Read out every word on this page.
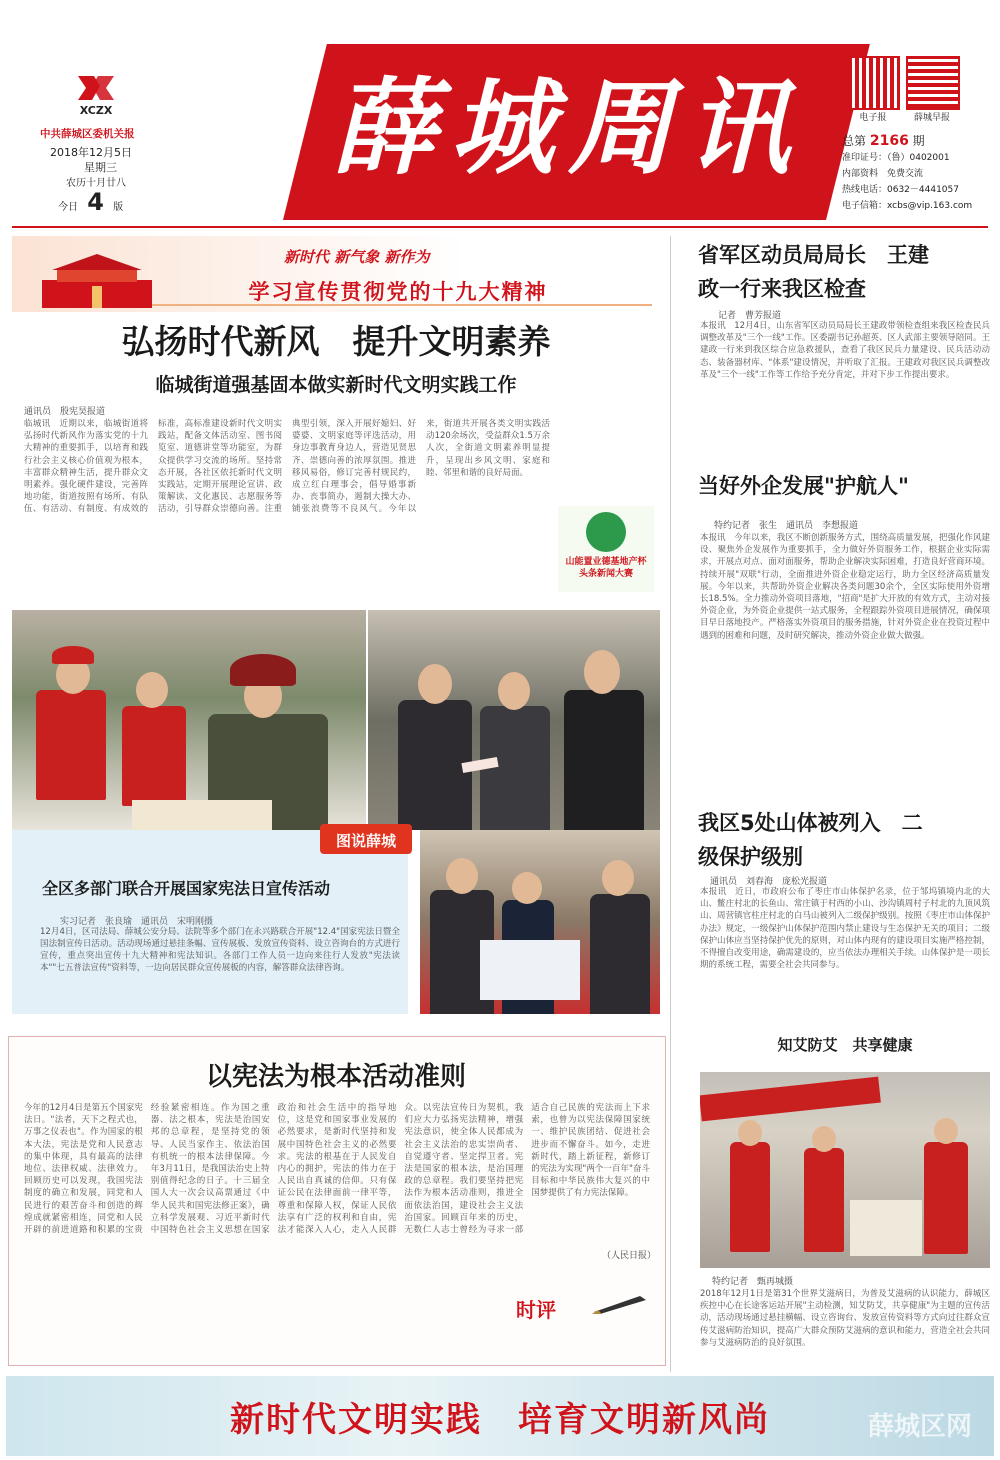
XCZX
中共薛城区委机关报
2018年12月5日
星期三
农历十月廿八
今日 4 版
薛城周讯	电子报	薛城早报
总第 2166 期
准印证号：（鲁）0402001
内部资料　免费交流
热线电话：0632－4441057
电子信箱：xcbs@vip.163.com
新时代 新气象 新作为
学习宣传贯彻党的十九大精神
弘扬时代新风　提升文明素养
临城街道强基固本做实新时代文明实践工作
通讯员　殷宪昊报道
临城讯　近期以来，临城街道将弘扬时代新风作为落实党的十九大精神的重要抓手，以培育和践行社会主义核心价值观为根本，丰富群众精神生活，提升群众文明素养。强化硬件建设，完善阵地功能，街道按照有场所、有队伍、有活动、有制度、有成效的标准，高标准建设新时代文明实践站，配备文体活动室、图书阅览室、道德讲堂等功能室，为群众提供学习交流的场所。坚持常态开展，各社区依托新时代文明实践站，定期开展理论宣讲、政策解读、文化惠民、志愿服务等活动，引导群众崇德向善。注重典型引领，深入开展好媳妇、好婆婆、文明家庭等评选活动，用身边事教育身边人，营造见贤思齐、崇德向善的浓厚氛围。推进移风易俗，修订完善村规民约，成立红白理事会，倡导婚事新办、丧事简办，遏制大操大办、铺张浪费等不良风气。今年以来，街道共开展各类文明实践活动120余场次，受益群众1.5万余人次，全街道文明素养明显提升，呈现出乡风文明、家庭和睦、邻里和谐的良好局面。
山能置业德基地产杯　头条新闻大赛
图说薛城
全区多部门联合开展国家宪法日宣传活动
实习记者　张良瑜　通讯员　宋明刚摄
12月4日，区司法局、薛城公安分局、法院等多个部门在永兴路联合开展"12.4"国家宪法日暨全国法制宣传日活动。活动现场通过悬挂条幅、宣传展板、发放宣传资料、设立咨询台的方式进行宣传，重点突出宣传十九大精神和宪法知识。各部门工作人员一边向来往行人发放"宪法读本""七五普法宣传"资料等，一边向居民群众宣传展板的内容，解答群众法律咨询。
以宪法为根本活动准则
今年的12月4日是第五个国家宪法日。"法者，天下之程式也，万事之仪表也"。作为国家的根本大法，宪法是党和人民意志的集中体现，具有最高的法律地位、法律权威、法律效力。回顾历史可以发现，我国宪法制度的确立和发展，同党和人民进行的艰苦奋斗和创造的辉煌成就紧密相连，同党和人民开辟的前进道路和积累的宝贵经验紧密相连。作为国之重器、法之根本，宪法是治国安邦的总章程，是坚持党的领导、人民当家作主、依法治国有机统一的根本法律保障。今年3月11日，是我国法治史上特别值得纪念的日子。十三届全国人大一次会议高票通过《中华人民共和国宪法修正案》，确立科学发展观、习近平新时代中国特色社会主义思想在国家政治和社会生活中的指导地位，这是党和国家事业发展的必然要求，是新时代坚持和发展中国特色社会主义的必然要求。宪法的根基在于人民发自内心的拥护，宪法的伟力在于人民出自真诚的信仰。只有保证公民在法律面前一律平等，尊重和保障人权，保证人民依法享有广泛的权利和自由，宪法才能深入人心，走入人民群众。以宪法宣传日为契机，我们应大力弘扬宪法精神，增强宪法意识，使全体人民都成为社会主义法治的忠实崇尚者、自觉遵守者、坚定捍卫者。宪法是国家的根本法，是治国理政的总章程。我们要坚持把宪法作为根本活动准则，推进全面依法治国，建设社会主义法治国家。回顾百年来的历史，无数仁人志士曾经为寻求一部适合自己民族的宪法而上下求索，也曾为以宪法保障国家统一、维护民族团结、促进社会进步而不懈奋斗。如今，走进新时代，踏上新征程，新修订的宪法为实现"两个一百年"奋斗目标和中华民族伟大复兴的中国梦提供了有力宪法保障。
（人民日报）
时评
省军区动员局局长　王建政一行来我区检查
记者　曹芳报道
本报讯　12月4日，山东省军区动员局局长王建政带领检查组来我区检查民兵调整改革及"三个一线"工作。区委副书记孙超英、区人武部主要领导陪同。王建政一行来到我区综合应急救援队，查看了我区民兵力量建设、民兵活动动态、装备器材库、"体系"建设情况，并听取了汇报。王建政对我区民兵调整改革及"三个一线"工作等工作给予充分肯定，并对下步工作提出要求。
当好外企发展"护航人"
特约记者　张生　通讯员　李想报道
本报讯　今年以来，我区不断创新服务方式，围绕高质量发展，把强化作风建设、聚焦外企发展作为重要抓手，全力做好外资服务工作，根据企业实际需求，开展点对点、面对面服务，帮助企业解决实际困难，打造良好营商环境。持续开展"双联"行动，全面推进外资企业稳定运行，助力全区经济高质量发展。今年以来，共帮助外资企业解决各类问题30余个，全区实际使用外资增长18.5%。全力推动外资项目落地，"招商"是扩大开放的有效方式，主动对接外资企业，为外资企业提供一站式服务，全程跟踪外资项目进展情况，确保项目早日落地投产。严格落实外资项目的服务措施，针对外资企业在投资过程中遇到的困难和问题，及时研究解决，推动外资企业做大做强。
我区5处山体被列入　二级保护级别
通讯员　刘春海　庞松光报道
本报讯　近日，市政府公布了枣庄市山体保护名录，位于邹坞镇境内北的大山、鳖庄村北的长鱼山、常庄镇于村西的小山、沙沟镇周村子村北的九顶风筑山、周营镇官柱庄村北的白马山被列入二级保护级别。按照《枣庄市山体保护办法》规定，一级保护山体保护范围内禁止建设与生态保护无关的项目；二级保护山体应当坚持保护优先的原则，对山体内现有的建设项目实施严格控制，不得擅自改变用途，确需建设的，应当依法办理相关手续。山体保护是一项长期的系统工程，需要全社会共同参与。
知艾防艾　共享健康
特约记者　甄再城摄
2018年12月1日是第31个世界艾滋病日，为普及艾滋病的认识能力，薛城区疾控中心在长途客运站开展"主动检测，知艾防艾，共享健康"为主题的宣传活动，活动现场通过悬挂横幅、设立咨询台、发放宣传资料等方式向过往群众宣传艾滋病防治知识，提高广大群众预防艾滋病的意识和能力，营造全社会共同参与艾滋病防治的良好氛围。
新时代文明实践　培育文明新风尚	薛城区网
